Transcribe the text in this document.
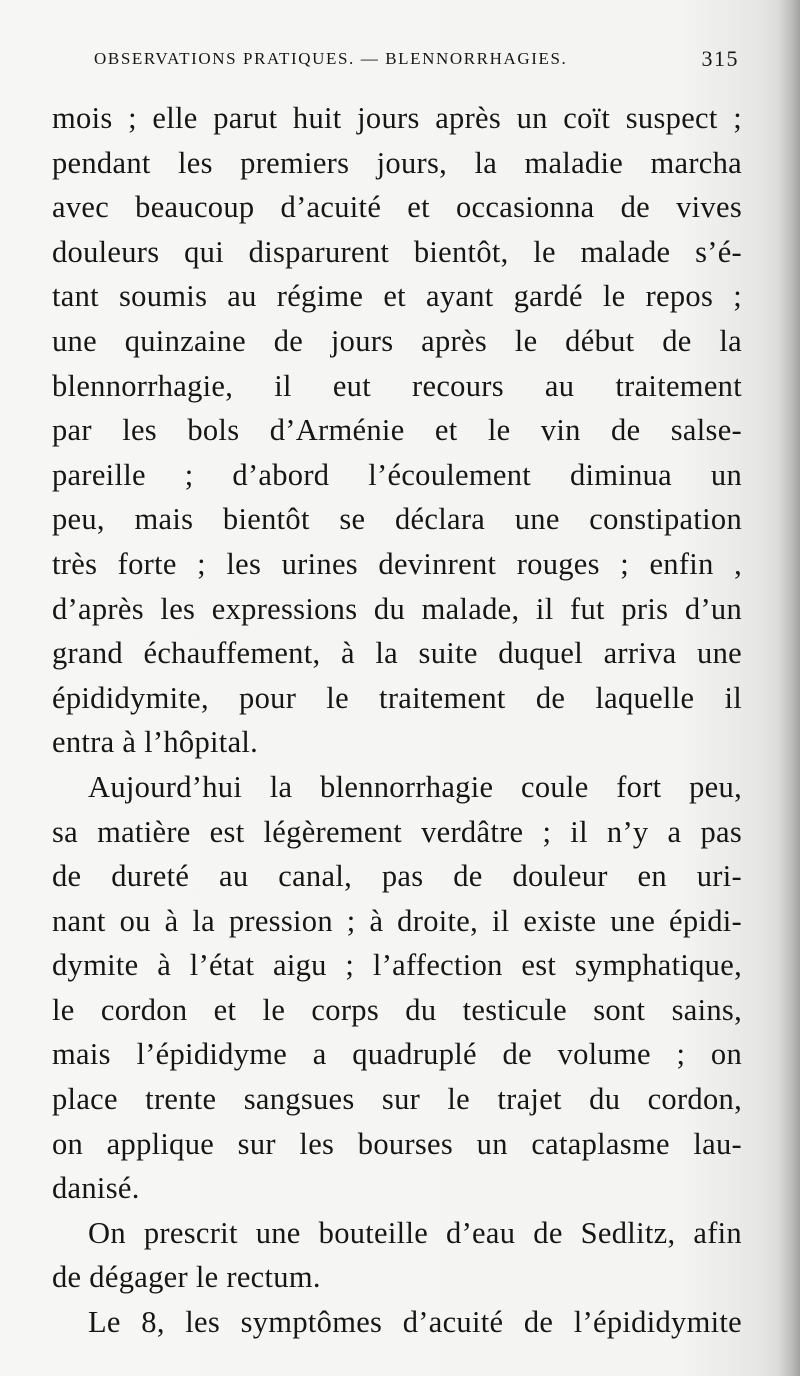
OBSERVATIONS PRATIQUES. — BLENNORRHAGIES.	315
mois ; elle parut huit jours après un coït suspect ;
pendant les premiers jours, la maladie marcha
avec beaucoup d’acuité et occasionna de vives
douleurs qui disparurent bientôt, le malade s’é-
tant soumis au régime et ayant gardé le repos ;
une quinzaine de jours après le début de la
blennorrhagie, il eut recours au traitement
par les bols d’Arménie et le vin de salse-
pareille ; d’abord l’écoulement diminua un
peu, mais bientôt se déclara une constipation
très forte ; les urines devinrent rouges ; enfin ,
d’après les expressions du malade, il fut pris d’un
grand échauffement, à la suite duquel arriva une
épididymite, pour le traitement de laquelle il
entra à l’hôpital.
Aujourd’hui la blennorrhagie coule fort peu,
sa matière est légèrement verdâtre ; il n’y a pas
de dureté au canal, pas de douleur en uri-
nant ou à la pression ; à droite, il existe une épidi-
dymite à l’état aigu ; l’affection est symphatique,
le cordon et le corps du testicule sont sains,
mais l’épididyme a quadruplé de volume ; on
place trente sangsues sur le trajet du cordon,
on applique sur les bourses un cataplasme lau-
danisé.
On prescrit une bouteille d’eau de Sedlitz, afin
de dégager le rectum.
Le 8, les symptômes d’acuité de l’épididymite
